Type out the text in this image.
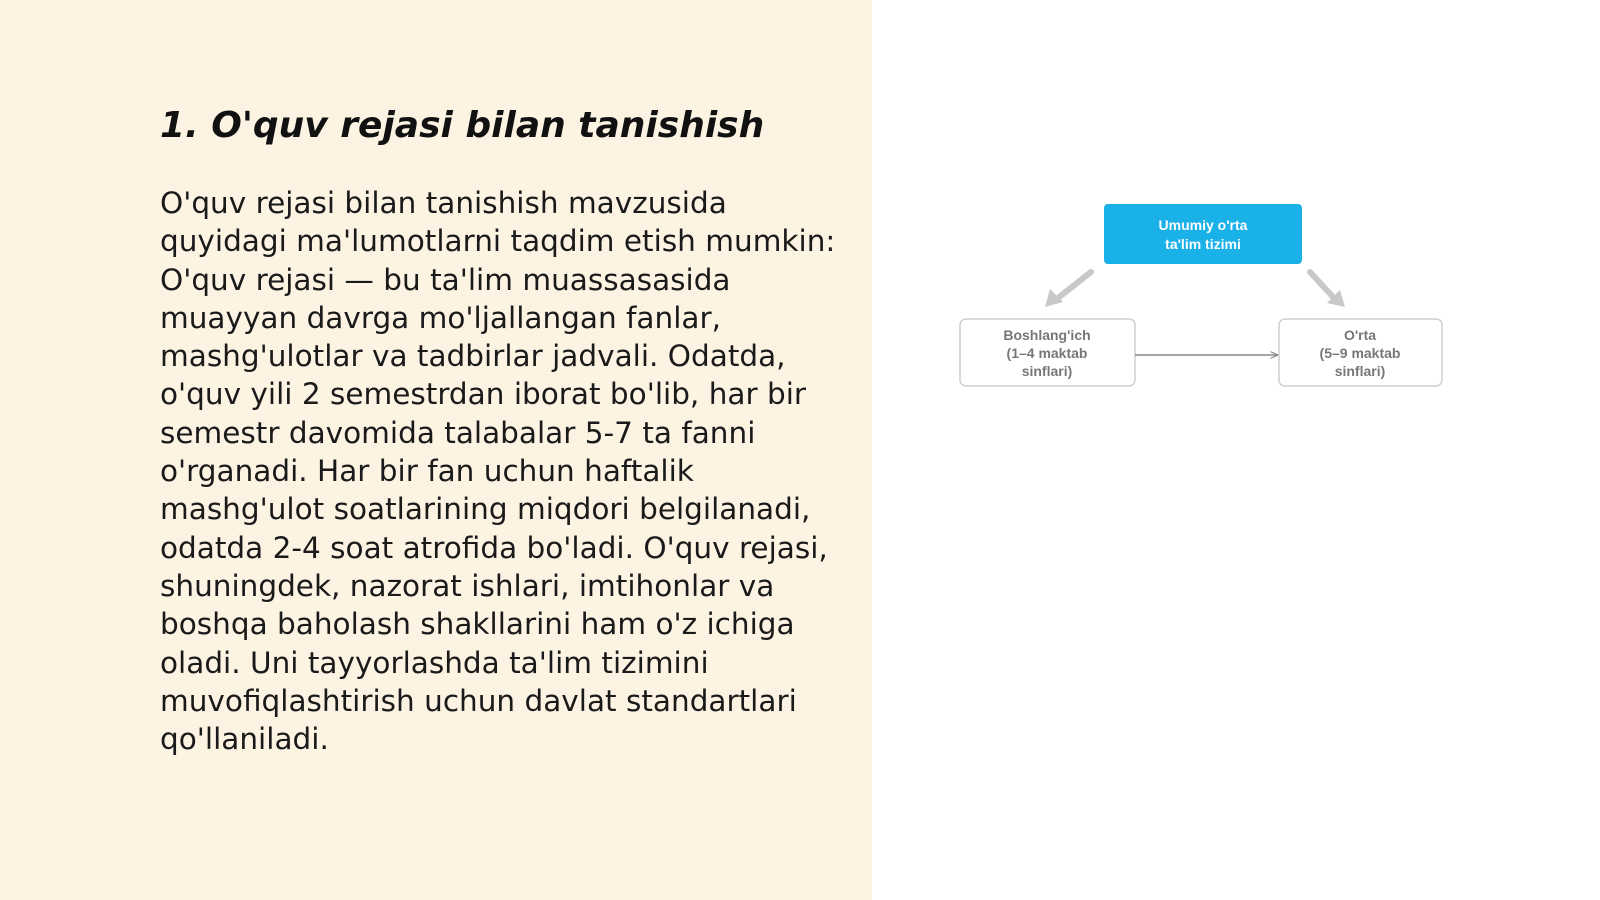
1. O'quv rejasi bilan tanishish

O'quv rejasi bilan tanishish mavzusida quyidagi ma'lumotlarni taqdim etish mumkin: O'quv rejasi — bu ta'lim muassasasida muayyan davrga mo'ljallangan fanlar, mashg'ulotlar va tadbirlar jadvali. Odatda, o'quv yili 2 semestrdan iborat bo'lib, har bir semestr davomida talabalar 5-7 ta fanni o'rganadi. Har bir fan uchun haftalik mashg'ulot soatlarining miqdori belgilanadi, odatda 2-4 soat atrofida bo'ladi. O'quv rejasi, shuningdek, nazorat ishlari, imtihonlar va boshqa baholash shakllarini ham o'z ichiga oladi. Uni tayyorlashda ta'lim tizimini muvofiqlashtirish uchun davlat standartlari qo'llaniladi.

Umumiy o'rta
ta'lim tizimi
Boshlang'ich
(1–4 maktab
sinflari)
O'rta
(5–9 maktab
sinflari)
